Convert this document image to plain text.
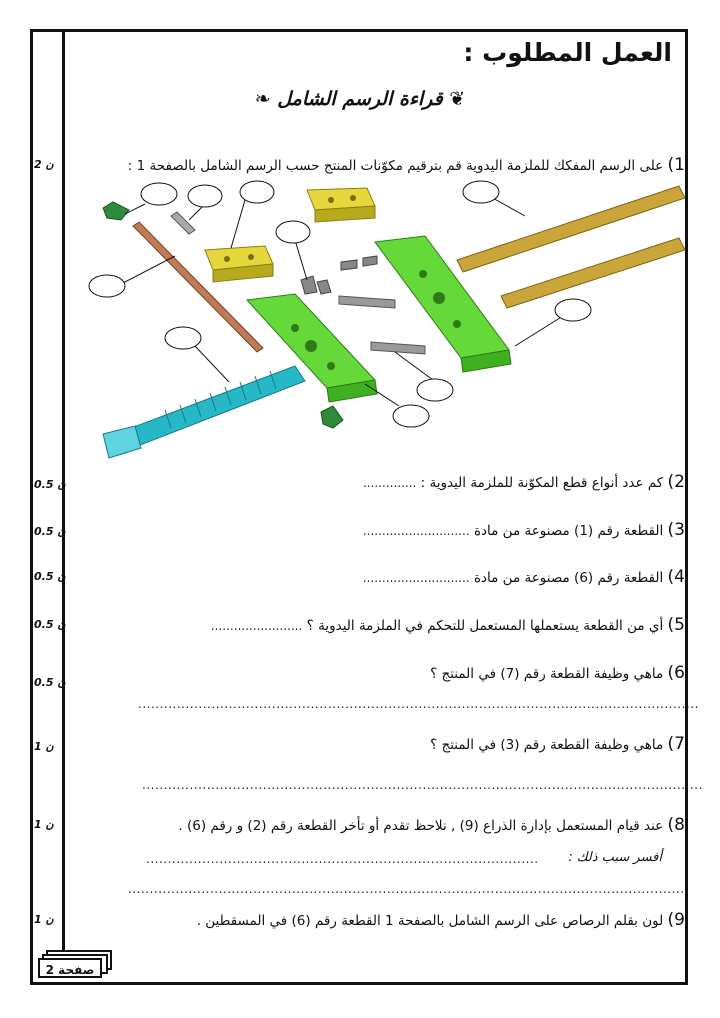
العمل المطلوب :
❦ قراءة الرسم الشامل ❧
1) على الرسم المفكك للملزمة اليدوية قم بترقيم مكوّنات المنتج حسب الرسم الشامل بالصفحة 1 :
2 ن
2) كم عدد أنواع قطع المكوّنة للملزمة اليدوية : ..............
0.5 ن
3) القطعة رقم (1) مصنوعة من مادة ............................
0.5 ن
4) القطعة رقم (6) مصنوعة من مادة ............................
0.5 ن
5) أي من القطعة يستعملها المستعمل للتحكم في الملزمة اليدوية ؟ ........................
0.5 ن
6) ماهي وظيفة القطعة رقم (7) في المنتج ؟
0.5 ن
..................................................................................................................................
7) ماهي وظيفة القطعة رقم (3) في المنتج ؟
1 ن
..................................................................................................................................
8) عند قيام المستعمل بإدارة الذراع (9) , نلاحظ تقدم أو تأخر القطعة رقم (2) و رقم (6) .
1 ن
أفسر سبب ذلك :
...........................................................................................
.................................................................................................................................
9) لون بقلم الرصاص على الرسم الشامل بالصفحة 1 القطعة رقم (6) في المسقطين .
1 ن
صفحة 2
